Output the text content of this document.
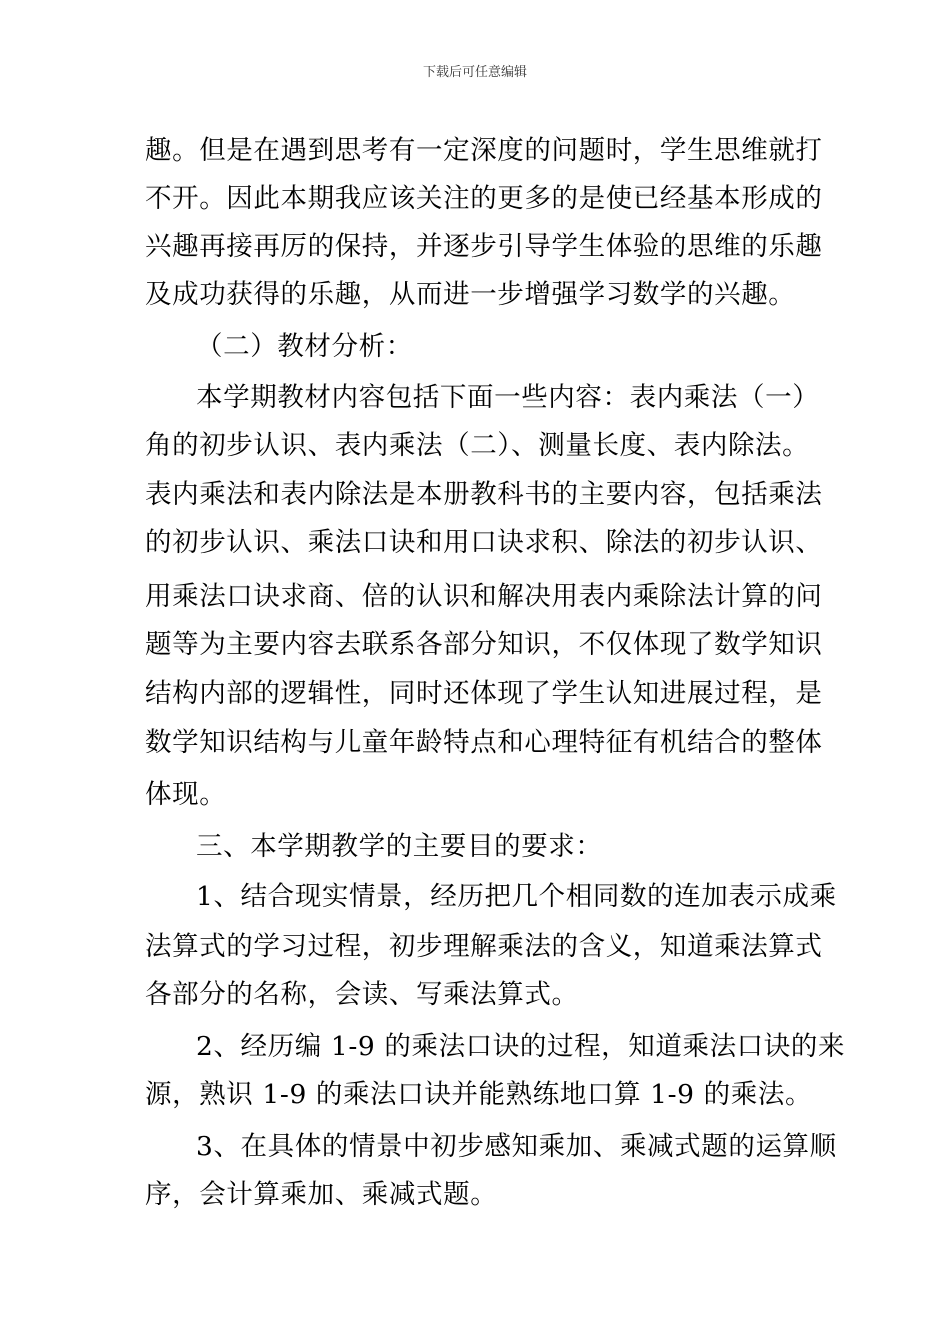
下载后可任意编辑
趣。但是在遇到思考有一定深度的问题时，学生思维就打
不开。因此本期我应该关注的更多的是使已经基本形成的
兴趣再接再厉的保持，并逐步引导学生体验的思维的乐趣
及成功获得的乐趣，从而进一步增强学习数学的兴趣。
（二）教材分析：
本学期教材内容包括下面一些内容：表内乘法（一）
角的初步认识、表内乘法（二）、测量长度、表内除法。
表内乘法和表内除法是本册教科书的主要内容，包括乘法
的初步认识、乘法口诀和用口诀求积、除法的初步认识、
用乘法口诀求商、倍的认识和解决用表内乘除法计算的问
题等为主要内容去联系各部分知识，不仅体现了数学知识
结构内部的逻辑性，同时还体现了学生认知进展过程，是
数学知识结构与儿童年龄特点和心理特征有机结合的整体
体现。
三、本学期教学的主要目的要求：
1、结合现实情景，经历把几个相同数的连加表示成乘
法算式的学习过程，初步理解乘法的含义，知道乘法算式
各部分的名称，会读、写乘法算式。
2、经历编 1-9 的乘法口诀的过程，知道乘法口诀的来
源，熟识 1-9 的乘法口诀并能熟练地口算 1-9 的乘法。
3、在具体的情景中初步感知乘加、乘减式题的运算顺
序，会计算乘加、乘减式题。
